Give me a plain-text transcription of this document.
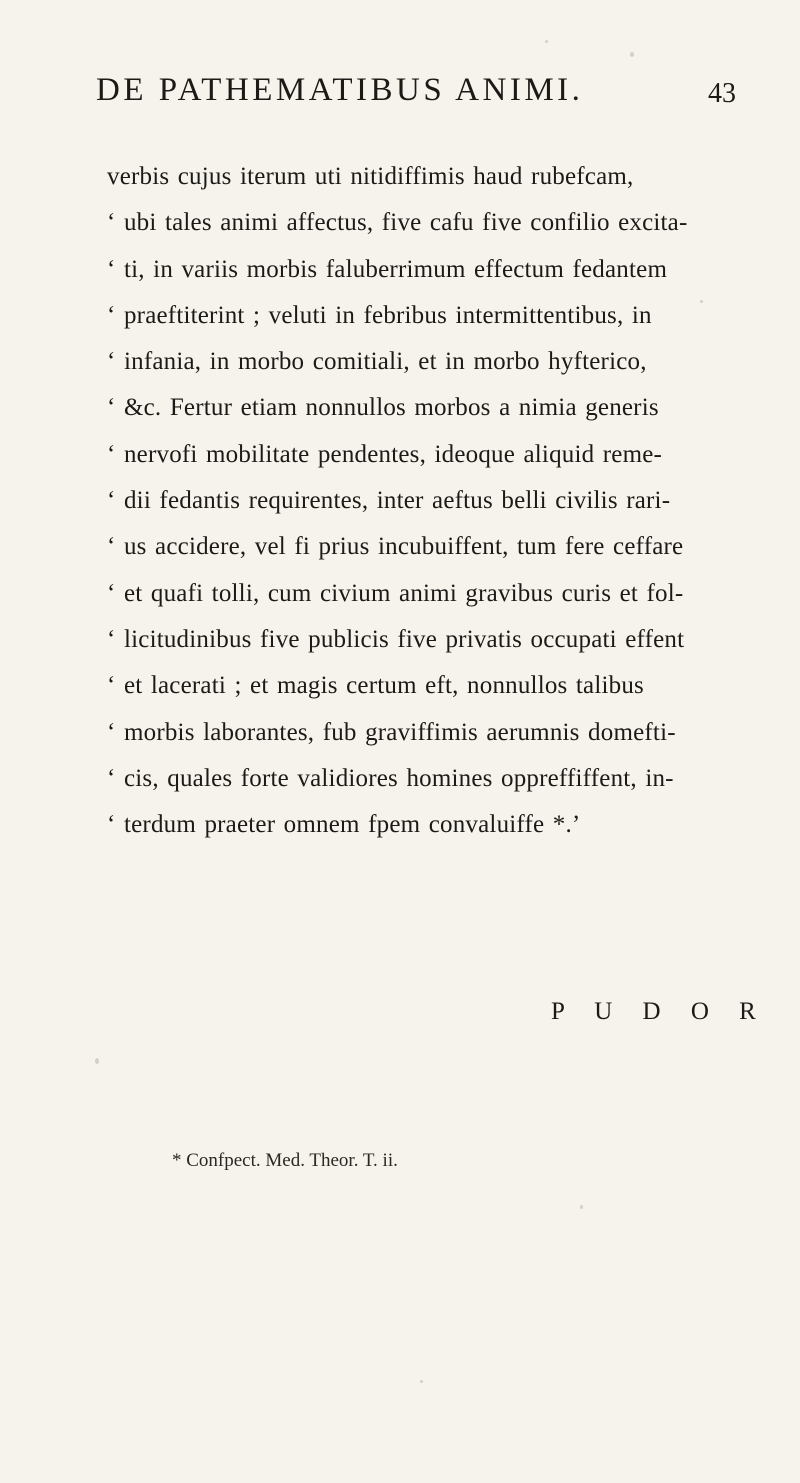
DE PATHEMATIBUS ANIMI.	43
verbis cujus iterum uti nitidiffimis haud rubefcam,
‘ ubi tales animi affectus, five cafu five confilio excita-
‘ ti, in variis morbis faluberrimum effectum fedantem
‘ praeftiterint ; veluti in febribus intermittentibus, in
‘ infania, in morbo comitiali, et in morbo hyfterico,
‘ &c. Fertur etiam nonnullos morbos a nimia generis
‘ nervofi mobilitate pendentes, ideoque aliquid reme-
‘ dii fedantis requirentes, inter aeftus belli civilis rari-
‘ us accidere, vel fi prius incubuiffent, tum fere ceffare
‘ et quafi tolli, cum civium animi gravibus curis et fol-
‘ licitudinibus five publicis five privatis occupati effent
‘ et lacerati ; et magis certum eft, nonnullos talibus
‘ morbis laborantes, fub graviffimis aerumnis domefti-
‘ cis, quales forte validiores homines oppreffiffent, in-
‘ terdum praeter omnem fpem convaluiffe *.’
P U D O R
* Confpect. Med. Theor. T. ii.
